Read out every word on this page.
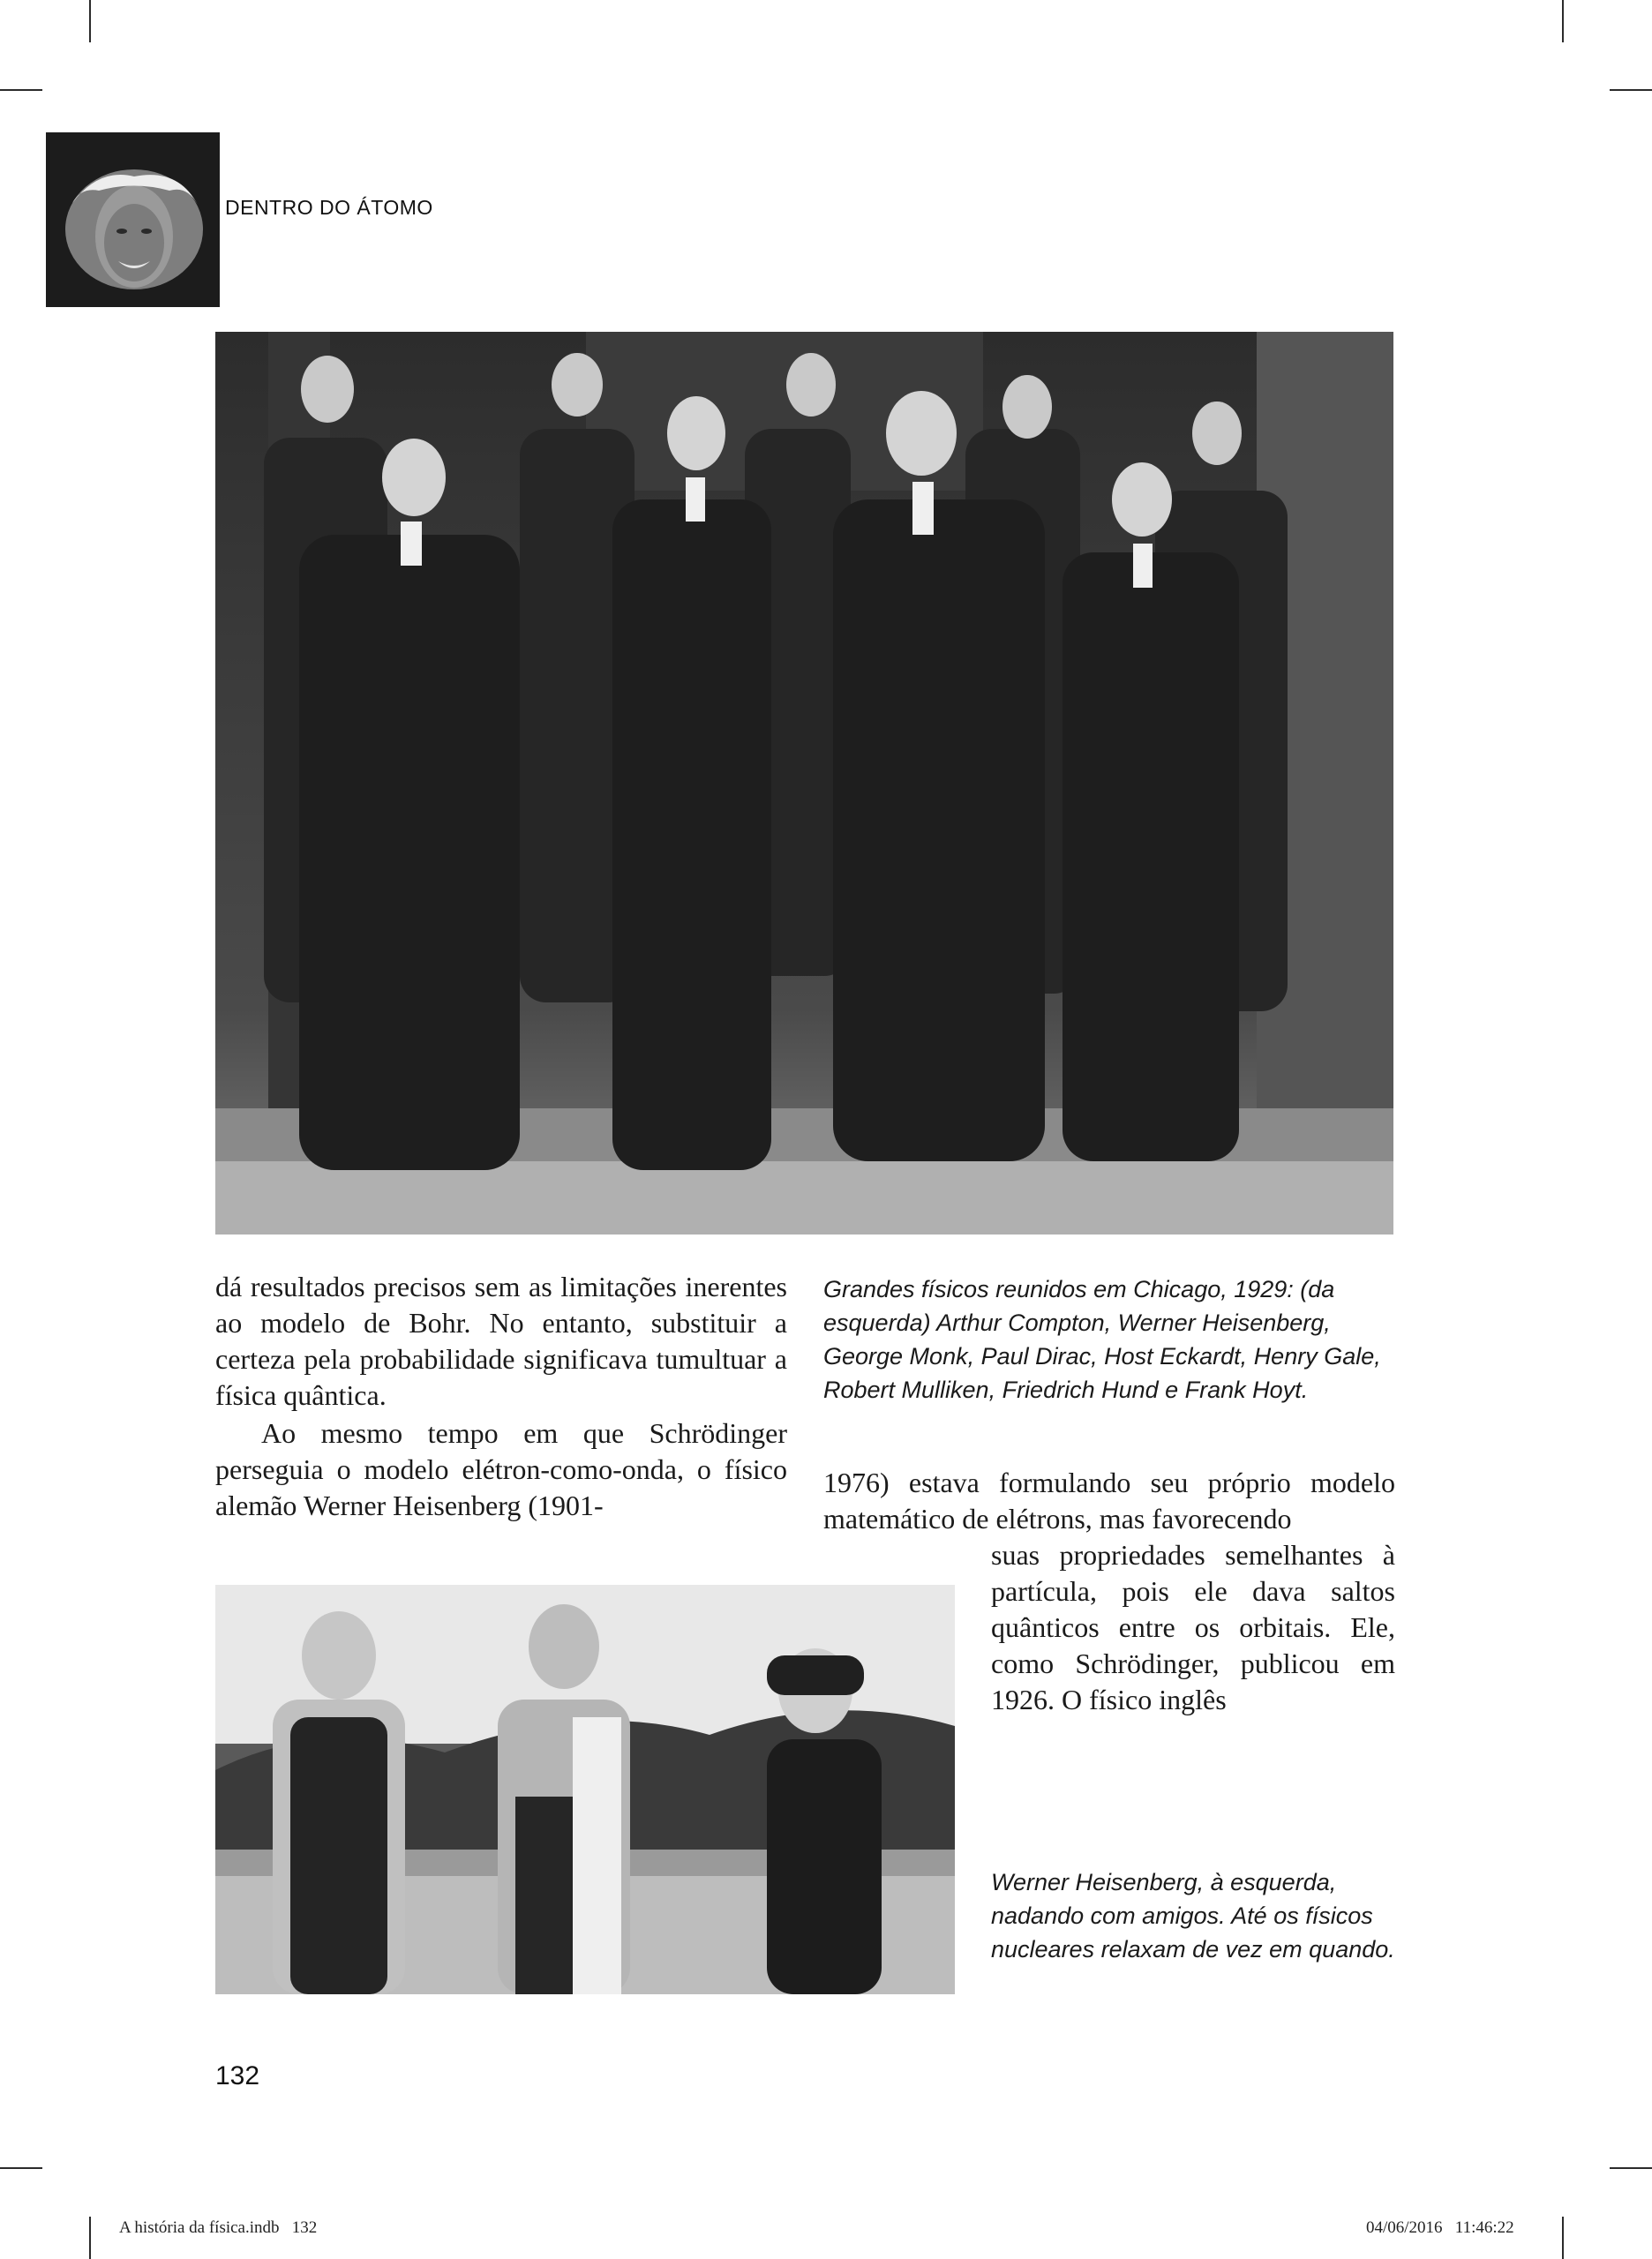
DENTRO DO ÁTOMO

dá resultados precisos sem as limitações inerentes ao modelo de Bohr. No entanto, substituir a certeza pela probabilidade significava tumultuar a física quântica.

Ao mesmo tempo em que Schrödinger perseguia o modelo elétron-como-onda, o físico alemão Werner Heisenberg (1901-

Grandes físicos reunidos em Chicago, 1929: (da esquerda) Arthur Compton, Werner Heisenberg, George Monk, Paul Dirac, Host Eckardt, Henry Gale, Robert Mulliken, Friedrich Hund e Frank Hoyt.
1976) estava formulando seu próprio modelo matemático de elétrons, mas favorecendo
suas propriedades semelhantes à partícula, pois ele dava saltos quânticos entre os orbitais. Ele, como Schrödinger, publicou em 1926. O físico inglês
Werner Heisenberg, à esquerda, nadando com amigos. Até os físicos nucleares relaxam de vez em quando.
132
A história da física.indb   132	04/06/2016   11:46:22
